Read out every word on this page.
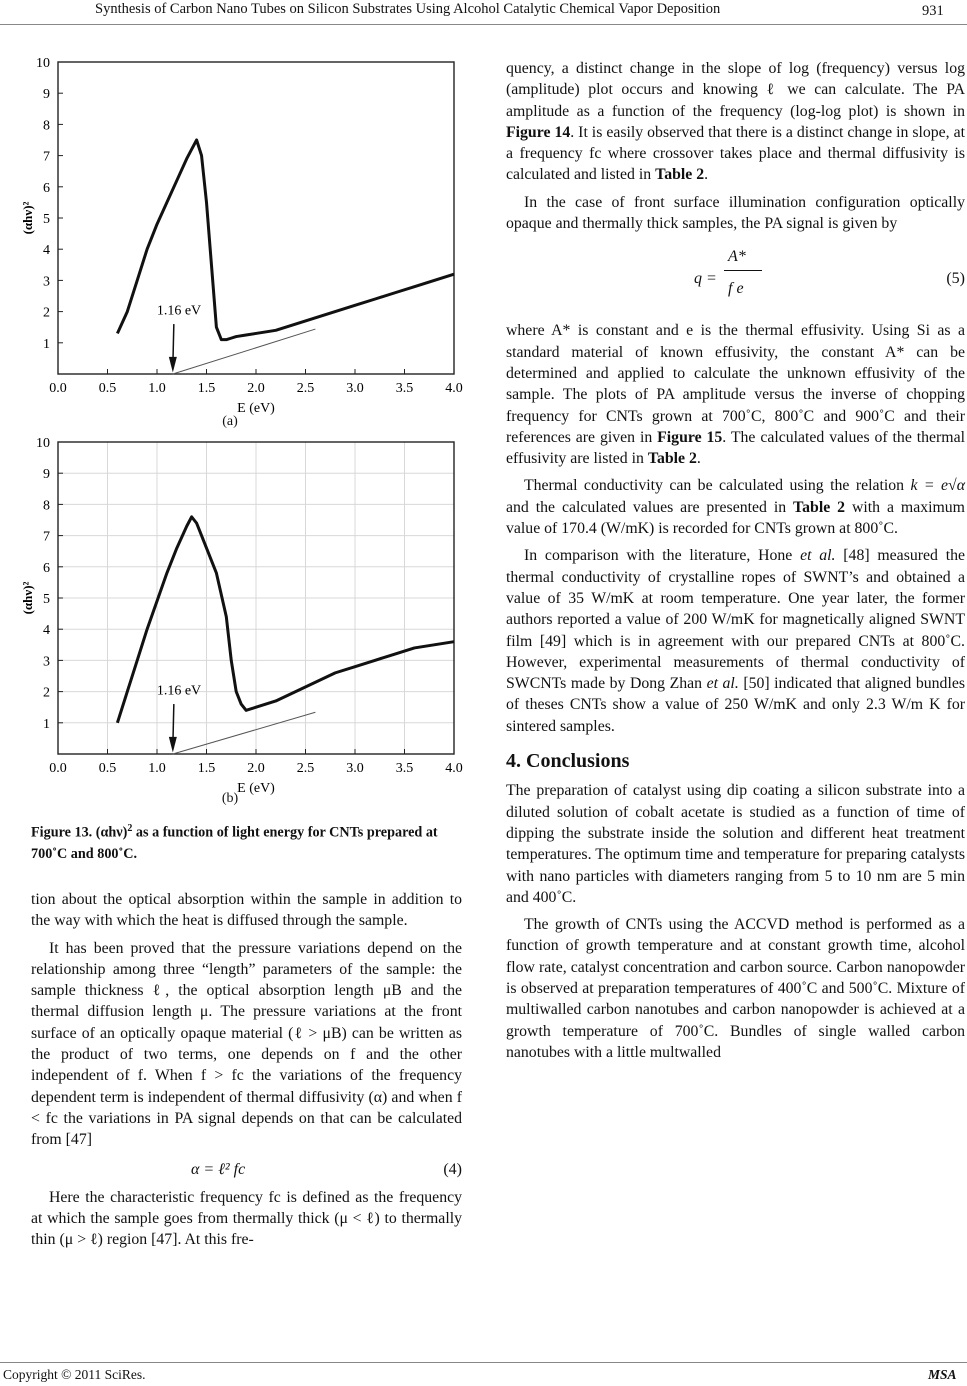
Synthesis of Carbon Nano Tubes on Silicon Substrates Using Alcohol Catalytic Chemical Vapor Deposition	931
1
2
3
4
5
6
7
8
9
10
0.0 0.5 1.0 1.5 2.0 2.5 3.0 3.5 4.0
E (eV)
(αhν)²
1.16 eV
(a)
1
2
3
4
5
6
7
8
9
10
0.0 0.5 1.0 1.5 2.0 2.5 3.0 3.5 4.0
E (eV)
(αhν)²
1.16 eV
(b)
Figure 13. $(\alpha h\nu)^2$ as a function of light energy for CNTs prepared at 700˚C and 800˚C.

tion about the optical absorption within the sample in addition to the way with which the heat is diffused through the sample.

It has been proved that the pressure variations depend on the relationship among three “length” parameters of the sample: the sample thickness ℓ, the optical absorption length μB and the thermal diffusion length μ. The pressure variations at the front surface of an optically opaque material (ℓ > μB) can be written as the product of two terms, one depends on f and the other independent of f. When f > fc the variations of the frequency dependent term is independent of thermal diffusivity (α) and when f < fc the variations in PA signal depends on that can be calculated from [47]

α = ℓ² fc	(4)

Here the characteristic frequency fc is defined as the frequency at which the sample goes from thermally thick (μ < ℓ) to thermally thin (μ > ℓ) region [47]. At this fre-

quency, a distinct change in the slope of log (frequency) versus log (amplitude) plot occurs and knowing ℓ we can calculate. The PA amplitude as a function of the frequency (log-log plot) is shown in Figure 14. It is easily observed that there is a distinct change in slope, at a frequency fc where crossover takes place and thermal diffusivity is calculated and listed in Table 2.

In the case of front surface illumination configuration optically opaque and thermally thick samples, the PA signal is given by

q =
A*
f e
(5)

where A* is constant and e is the thermal effusivity. Using Si as a standard material of known effusivity, the constant A* can be determined and applied to calculate the unknown effusivity of the sample. The plots of PA amplitude versus the inverse of chopping frequency for CNTs grown at 700˚C, 800˚C and 900˚C and their references are given in Figure 15. The calculated values of the thermal effusivity are listed in Table 2.

Thermal conductivity can be calculated using the relation k = e√α and the calculated values are presented in Table 2 with a maximum value of 170.4 (W/mK) is recorded for CNTs grown at 800˚C.

In comparison with the literature, Hone et al. [48] measured the thermal conductivity of crystalline ropes of SWNT’s and obtained a value of 35 W/mK at room temperature. One year later, the former authors reported a value of 200 W/mK for magnetically aligned SWNT film [49] which is in agreement with our prepared CNTs at 800˚C. However, experimental measurements of thermal conductivity of SWCNTs made by Dong Zhan et al. [50] indicated that aligned bundles of theses CNTs show a value of 250 W/mK and only 2.3 W/m K for sintered samples.

4. Conclusions

The preparation of catalyst using dip coating a silicon substrate into a diluted solution of cobalt acetate is studied as a function of time of dipping the substrate inside the solution and different heat treatment temperatures. The optimum time and temperature for preparing catalysts with nano particles with diameters ranging from 5 to 10 nm are 5 min and 400˚C.

The growth of CNTs using the ACCVD method is performed as a function of growth temperature and at constant growth time, alcohol flow rate, catalyst concentration and carbon source. Carbon nanopowder is observed at preparation temperatures of 400˚C and 500˚C. Mixture of multiwalled carbon nanotubes and carbon nanopowder is achieved at a growth temperature of 700˚C. Bundles of single walled carbon nanotubes with a little multwalled

Copyright © 2011 SciRes.	MSA
